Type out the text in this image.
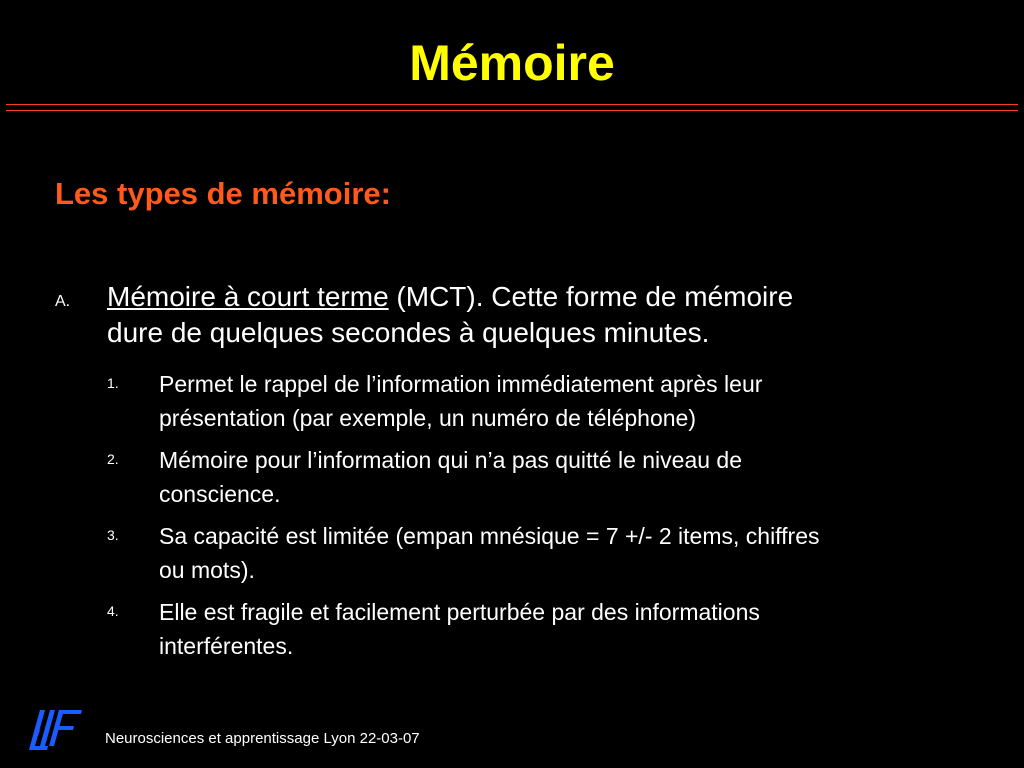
Mémoire
Les types de mémoire:
A. Mémoire à court terme (MCT). Cette forme de mémoire
dure de quelques secondes à quelques minutes.
1. Permet le rappel de l’information immédiatement après leur
présentation (par exemple, un numéro de téléphone)
2. Mémoire pour l’information qui n’a pas quitté le niveau de
conscience.
3. Sa capacité est limitée (empan mnésique = 7 +/- 2 items, chiffres
ou mots).
4. Elle est fragile et facilement perturbée par des informations
interférentes.
Neurosciences et apprentissage Lyon 22-03-07
